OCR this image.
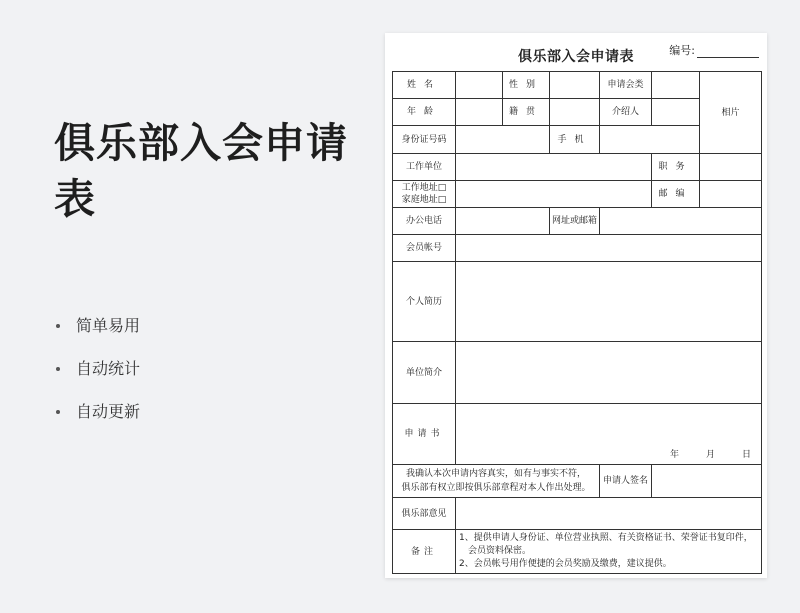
俱乐部入会申请表
简单易用
自动统计
自动更新
俱乐部入会申请表	编号:
姓名		性别		申请会类		相片

年龄		籍贯		介绍人		
身份证号码			手机			
工作单位					职务	

工作地址□
家庭地址□					邮编	
办公电话			网址或邮箱			
会员帐号						
个人简历						
单位简介						
申请书	年 月 日					

我确认本次申请内容真实，如有与事实不符，
俱乐部有权立即按俱乐部章程对本人作出处理。				申请人签名		
俱乐部意见						
备注	1、提供申请人身份证、单位营业执照、有关资格证书、荣誉证书复印件，会员资料保密。
2、会员帐号用作便捷的会员奖励及缴费，建议提供。					
